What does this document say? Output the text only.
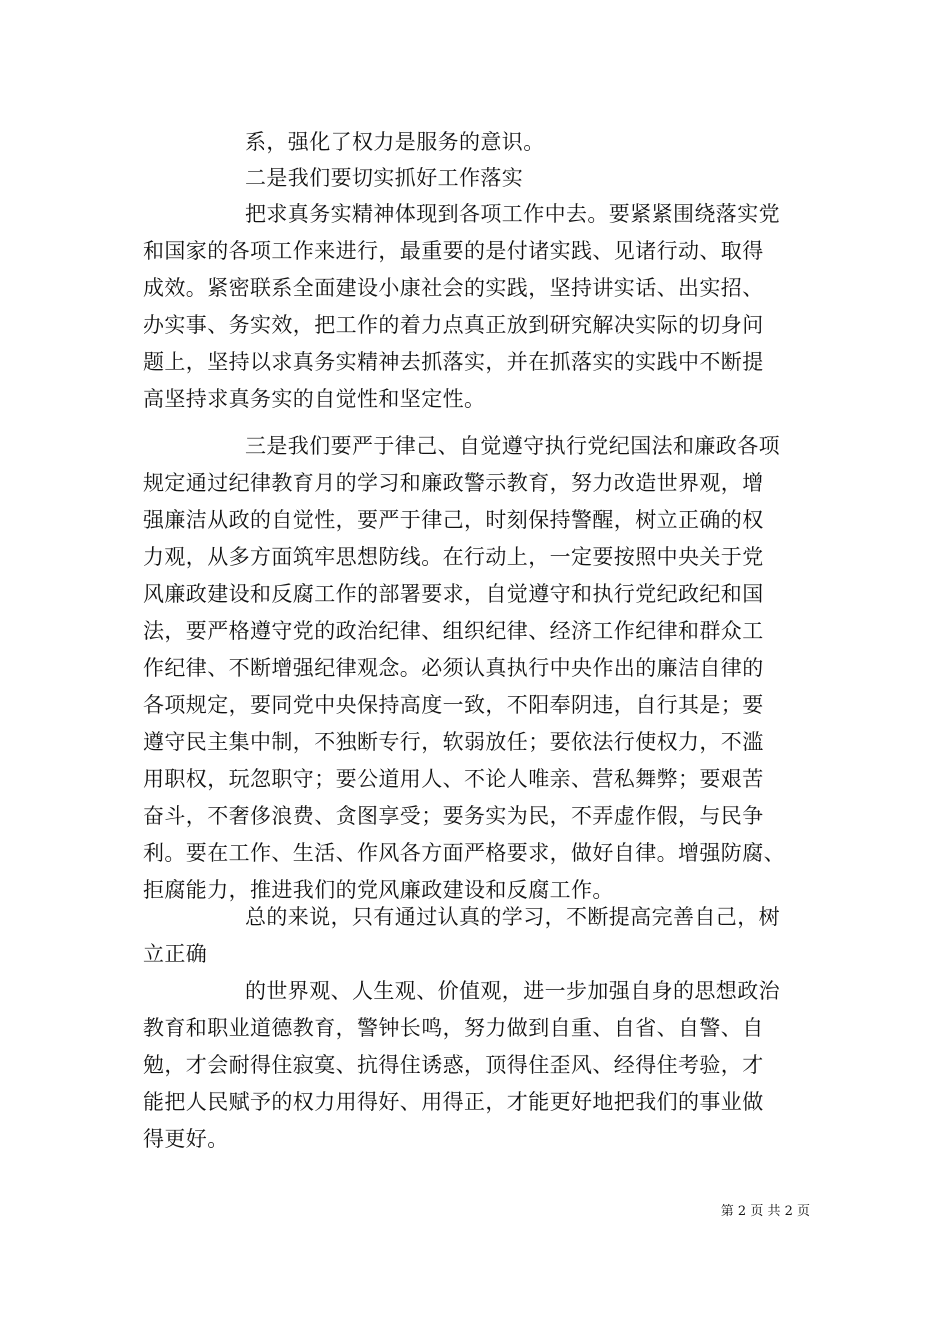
系，强化了权力是服务的意识。
二是我们要切实抓好工作落实
把求真务实精神体现到各项工作中去。要紧紧围绕落实党
和国家的各项工作来进行，最重要的是付诸实践、见诸行动、取得
成效。紧密联系全面建设小康社会的实践，坚持讲实话、出实招、
办实事、务实效，把工作的着力点真正放到研究解决实际的切身问
题上，坚持以求真务实精神去抓落实，并在抓落实的实践中不断提
高坚持求真务实的自觉性和坚定性。
三是我们要严于律己、自觉遵守执行党纪国法和廉政各项
规定通过纪律教育月的学习和廉政警示教育，努力改造世界观，增
强廉洁从政的自觉性，要严于律己，时刻保持警醒，树立正确的权
力观，从多方面筑牢思想防线。在行动上，一定要按照中央关于党
风廉政建设和反腐工作的部署要求，自觉遵守和执行党纪政纪和国
法，要严格遵守党的政治纪律、组织纪律、经济工作纪律和群众工
作纪律、不断增强纪律观念。必须认真执行中央作出的廉洁自律的
各项规定，要同党中央保持高度一致，不阳奉阴违，自行其是；要
遵守民主集中制，不独断专行，软弱放任；要依法行使权力，不滥
用职权，玩忽职守；要公道用人、不论人唯亲、营私舞弊；要艰苦
奋斗，不奢侈浪费、贪图享受；要务实为民，不弄虚作假，与民争
利。要在工作、生活、作风各方面严格要求，做好自律。增强防腐、
拒腐能力，推进我们的党风廉政建设和反腐工作。
总的来说，只有通过认真的学习，不断提高完善自己，树
立正确
的世界观、人生观、价值观，进一步加强自身的思想政治
教育和职业道德教育，警钟长鸣，努力做到自重、自省、自警、自
勉，才会耐得住寂寞、抗得住诱惑，顶得住歪风、经得住考验，才
能把人民赋予的权力用得好、用得正，才能更好地把我们的事业做
得更好。
第 2 页 共 2 页
